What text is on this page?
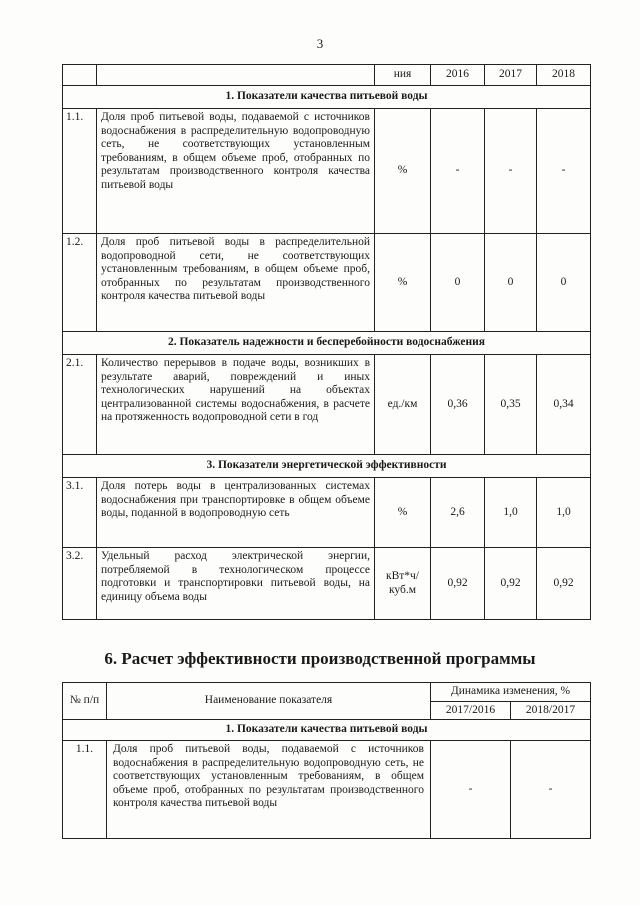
3
		ния	2016	2017	2018
1. Показатели качества питьевой воды					
1.1.	Доля проб питьевой воды, подаваемой с источников водоснабжения в распределительную водопроводную сеть, не соответствующих установленным требованиям, в общем объеме проб, отобранных по результатам производственного контроля качества питьевой воды	%	-	-	-
1.2.	Доля проб питьевой воды в распределительной водопроводной сети, не соответствующих установленным требованиям, в общем объеме проб, отобранных по результатам производственного контроля качества питьевой воды	%	0	0	0
2. Показатель надежности и бесперебойности водоснабжения					
2.1.	Количество перерывов в подаче воды, возникших в результате аварий, повреждений и иных технологических нарушений на объектах централизованной системы водоснабжения, в расчете на протяженность водопроводной сети в год	ед./км	0,36	0,35	0,34
3. Показатели энергетической эффективности					
3.1.	Доля потерь воды в централизованных системах водоснабжения при транспортировке в общем объеме воды, поданной в водопроводную сеть	%	2,6	1,0	1,0
3.2.	Удельный расход электрической энергии, потребляемой в технологическом процессе подготовки и транспортировки питьевой воды, на единицу объема воды	кВт*ч/ куб.м	0,92	0,92	0,92
6. Расчет эффективности производственной программы
№ п/п	Наименование показателя	Динамика изменения, %	
		2017/2016	2018/2017
1. Показатели качества питьевой воды			
1.1.	Доля проб питьевой воды, подаваемой с источников водоснабжения в распределительную водопроводную сеть, не соответствующих установленным требованиям, в общем объеме проб, отобранных по результатам производственного контроля качества питьевой воды	-	-
